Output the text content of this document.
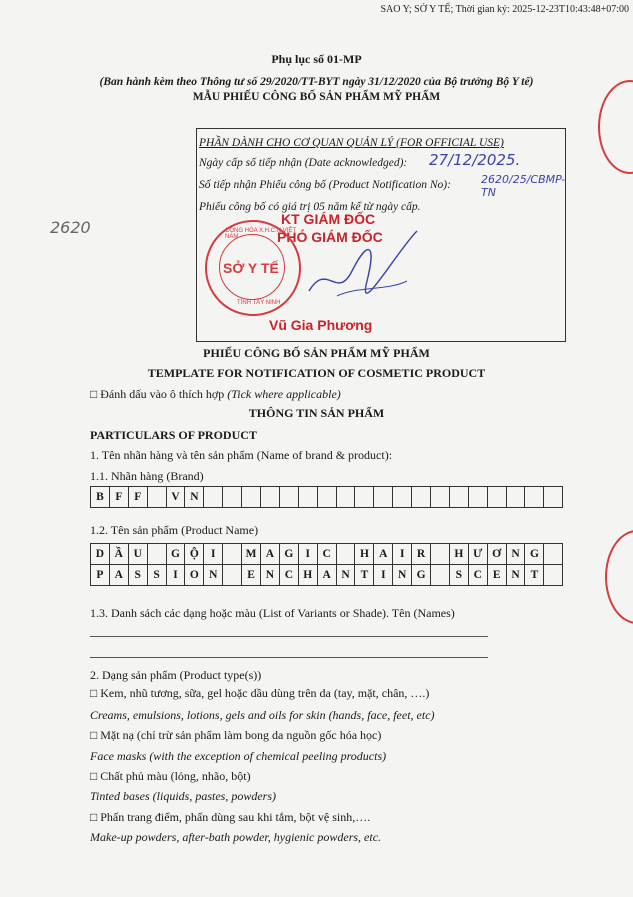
SAO Y; SỞ Y TẾ; Thời gian ký: 2025-12-23T10:43:48+07:00
Phụ lục số 01-MP
(Ban hành kèm theo Thông tư số 29/2020/TT-BYT ngày 31/12/2020 của Bộ trưởng Bộ Y tế)
MẪU PHIẾU CÔNG BỐ SẢN PHẨM MỸ PHẨM
PHẦN DÀNH CHO CƠ QUAN QUẢN LÝ (FOR OFFICIAL USE)
Ngày cấp số tiếp nhận (Date acknowledged): 27/12/2025.
Số tiếp nhận Phiếu công bố (Product Notification No):	2620/25/CBMP-TN
Phiếu công bố có giá trị 05 năm kể từ ngày cấp.
KT GIÁM ĐỐC
PHÓ GIÁM ĐỐC
Vũ Gia Phương
CỘNG HÒA X.H.C.N VIỆT NAM
SỞ Y TẾ
TỈNH TÂY NINH
2620
PHIẾU CÔNG BỐ SẢN PHẨM MỸ PHẨM
TEMPLATE FOR NOTIFICATION OF COSMETIC PRODUCT
□ Đánh dấu vào ô thích hợp (Tick where applicable)
THÔNG TIN SẢN PHẨM
PARTICULARS OF PRODUCT
1. Tên nhãn hàng và tên sản phẩm (Name of brand & product):
1.1. Nhãn hàng (Brand)
B	F	F		V	N																			
1.2. Tên sản phẩm (Product Name)
D	Ầ	U		G	Ộ	I		M	A	G	I	C		H	A	I	R		H	Ư	Ơ	N	G	
P	A	S	S	I	O	N		E	N	C	H	A	N	T	I	N	G		S	C	E	N	T	
1.3. Danh sách các dạng hoặc màu (List of Variants or Shade). Tên (Names)
2. Dạng sản phẩm (Product type(s))
□ Kem, nhũ tương, sữa, gel hoặc dầu dùng trên da (tay, mặt, chân, ….)
Creams, emulsions, lotions, gels and oils for skin (hands, face, feet, etc)
□ Mặt nạ (chỉ trừ sản phẩm làm bong da nguồn gốc hóa học)
Face masks (with the exception of chemical peeling products)
□ Chất phủ màu (lỏng, nhão, bột)
Tinted bases (liquids, pastes, powders)
□ Phấn trang điểm, phấn dùng sau khi tắm, bột vệ sinh,….
Make-up powders, after-bath powder, hygienic powders, etc.
